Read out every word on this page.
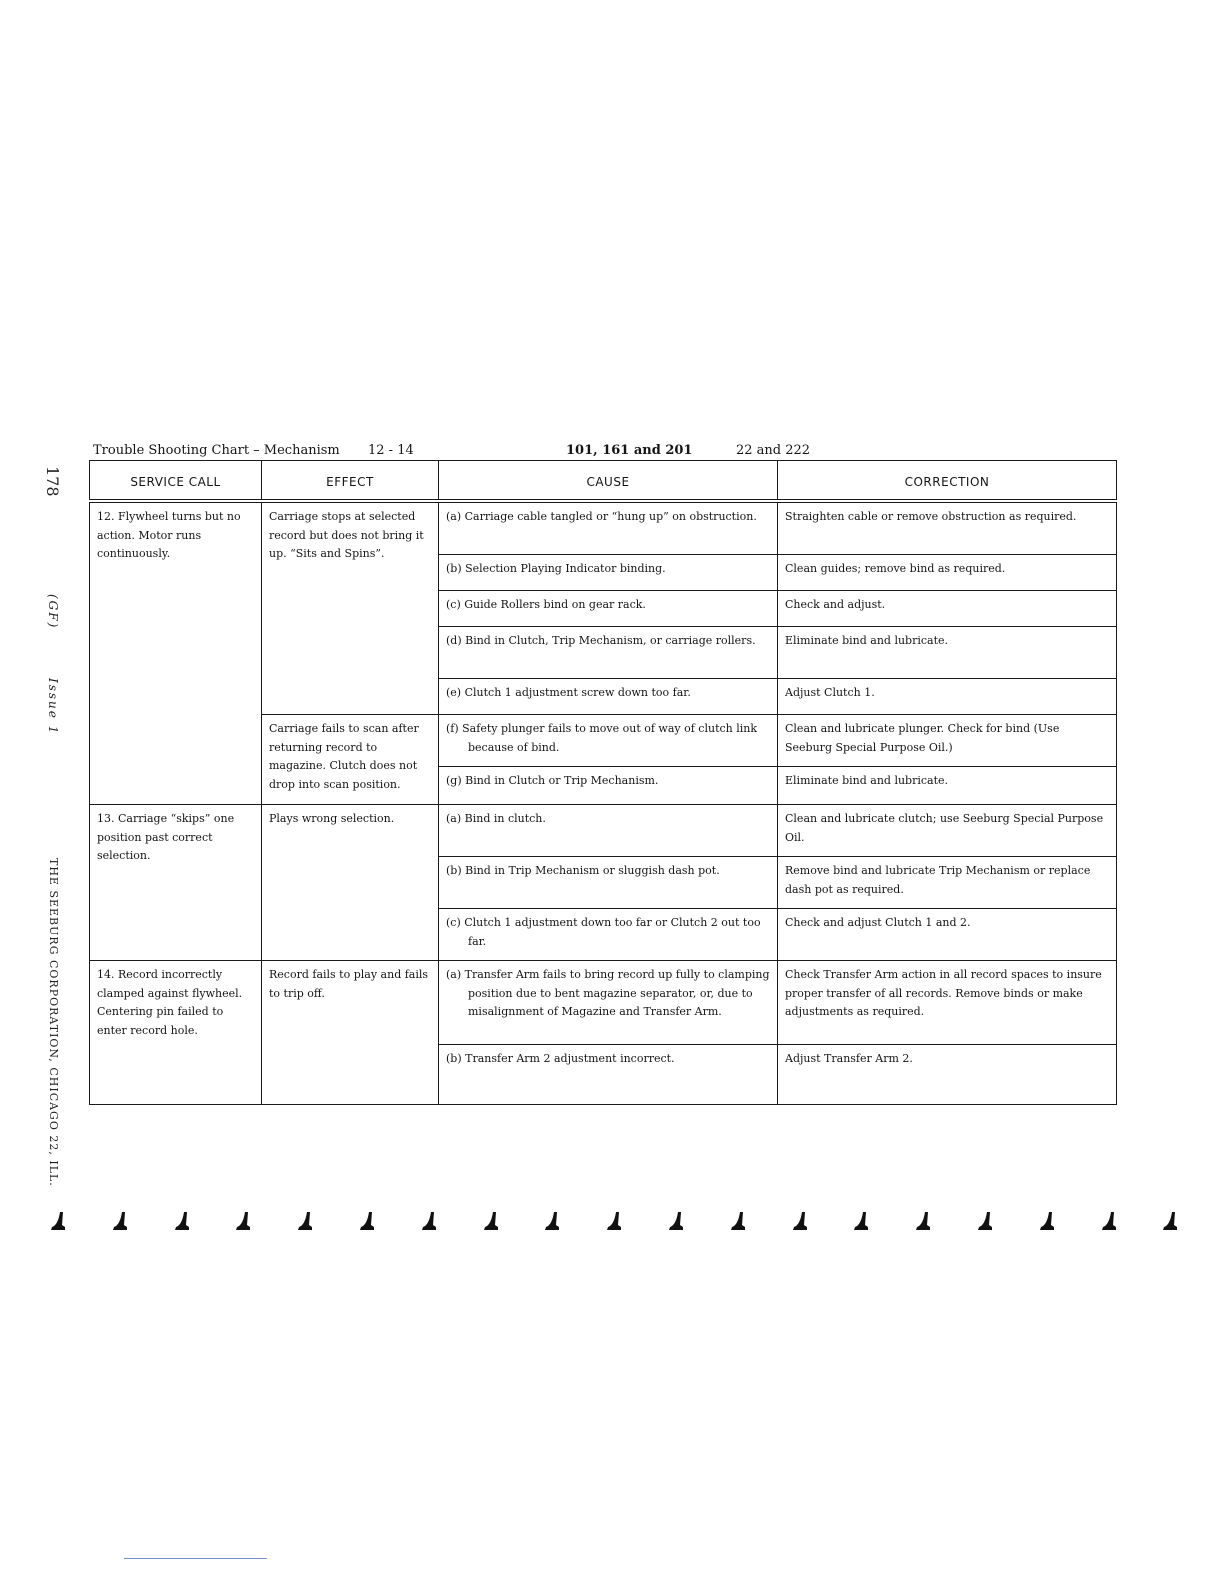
178
(GF)
Issue 1
THE SEEBURG CORPORATION, CHICAGO 22, ILL.
Trouble Shooting Chart – Mechanism 12 - 14	101, 161 and 201	22 and 222
SERVICE CALL	EFFECT	CAUSE	CORRECTION
12. Flywheel turns but no action. Motor runs continuously.	Carriage stops at selected record but does not bring it up. “Sits and Spins”.	(a) Carriage cable tangled or “hung up” on obstruction.	Straighten cable or remove obstruction as required.

		(b) Selection Playing Indicator binding.	Clean guides; remove bind as required.

		(c) Guide Rollers bind on gear rack.	Check and adjust.

		(d) Bind in Clutch, Trip Mechanism, or carriage rollers.	Eliminate bind and lubricate.

		(e) Clutch 1 adjustment screw down too far.	Adjust Clutch 1.
	Carriage fails to scan after returning record to magazine. Clutch does not drop into scan position.	(f) Safety plunger fails to move out of way of clutch link because of bind.	Clean and lubricate plunger. Check for bind (Use Seeburg Special Purpose Oil.)

		(g) Bind in Clutch or Trip Mechanism.	Eliminate bind and lubricate.
13. Carriage “skips” one position past correct selection.	Plays wrong selection.	(a) Bind in clutch.	Clean and lubricate clutch; use Seeburg Special Purpose Oil.

		(b) Bind in Trip Mechanism or sluggish dash pot.	Remove bind and lubricate Trip Mechanism or replace dash pot as required.

		(c) Clutch 1 adjustment down too far or Clutch 2 out too far.	Check and adjust Clutch 1 and 2.
14. Record incorrectly clamped against flywheel. Centering pin failed to enter record hole.	Record fails to play and fails to trip off.	(a) Transfer Arm fails to bring record up fully to clamping position due to bent magazine separator, or, due to misalignment of Magazine and Transfer Arm.	Check Transfer Arm action in all record spaces to insure proper transfer of all records. Remove binds or make adjustments as required.

		(b) Transfer Arm 2 adjustment incorrect.	Adjust Transfer Arm 2.
